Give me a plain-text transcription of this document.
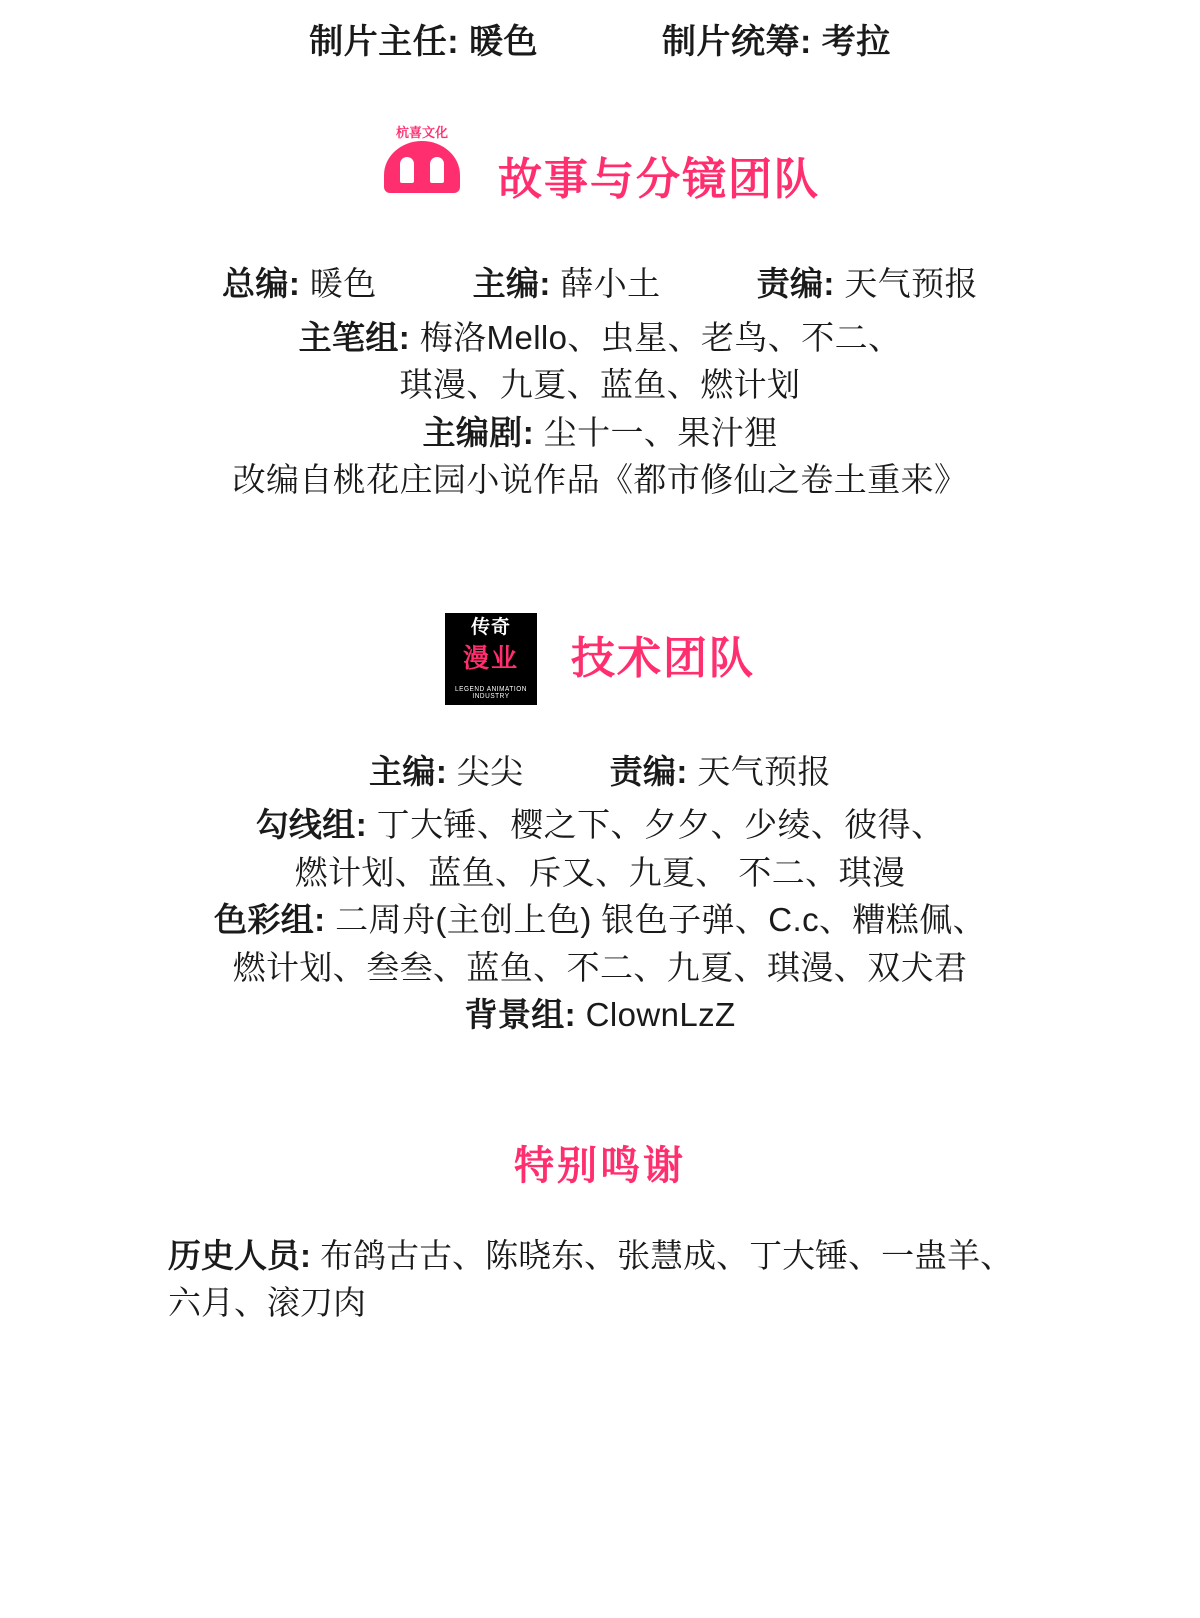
制片主任: 暖色	制片统筹: 考拉
杭喜文化
故事与分镜团队
总编: 暖色	主编: 薛小土	责编: 天气预报
主笔组: 梅洛Mello、虫星、老鸟、不二、
琪漫、九夏、蓝鱼、燃计划
主编剧: 尘十一、果汁狸
改编自桃花庄园小说作品《都市修仙之卷土重来》
传奇
漫业
LEGEND ANIMATION INDUSTRY
技术团队
主编: 尖尖	责编: 天气预报
勾线组: 丁大锤、樱之下、夕夕、少绫、彼得、
燃计划、蓝鱼、斥又、九夏、 不二、琪漫
色彩组: 二周舟(主创上色) 银色子弹、C.c、糟糕佩、
燃计划、叁叁、蓝鱼、不二、九夏、琪漫、双犬君
背景组: ClownLzZ
特别鸣谢
历史人员: 布鸽古古、陈晓东、张慧成、丁大锤、一蛊羊、
六月、滚刀肉
